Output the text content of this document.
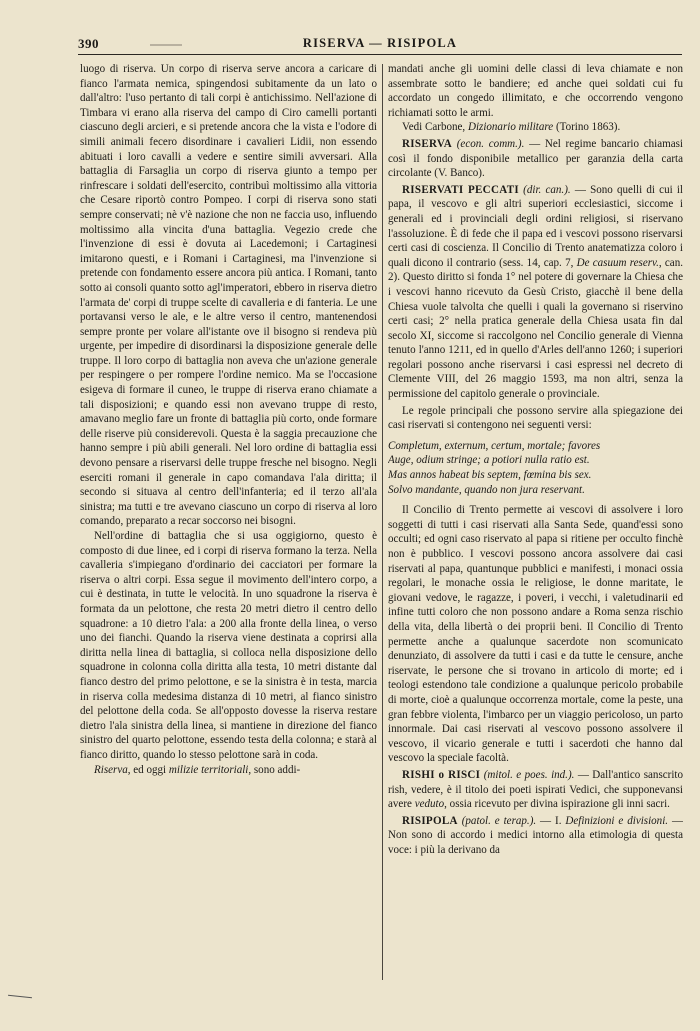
390	RISERVA — RISIPOLA

luogo di riserva. Un corpo di riserva serve ancora a caricare di fianco l'armata nemica, spingendosi subitamente da un lato o dall'altro: l'uso pertanto di tali corpi è antichissimo. Nell'azione di Timbara vi erano alla riserva del campo di Ciro camelli portanti ciascuno degli arcieri, e si pretende ancora che la vista e l'odore di simili animali fecero disordinare i cavalieri Lidii, non essendo abituati i loro cavalli a vedere e sentire simili avversari. Alla battaglia di Farsaglia un corpo di riserva giunto a tempo per rinfrescare i soldati dell'esercito, contribuì moltissimo alla vittoria che Cesare riportò contro Pompeo. I corpi di riserva sono stati sempre conservati; nè v'è nazione che non ne faccia uso, influendo moltissimo alla vincita d'una battaglia. Vegezio crede che l'invenzione di essi è dovuta ai Lacedemoni; i Cartaginesi imitarono questi, e i Romani i Cartaginesi, ma l'invenzione si pretende con fondamento essere ancora più antica. I Romani, tanto sotto ai consoli quanto sotto agl'imperatori, ebbero in riserva dietro l'armata de' corpi di truppe scelte di cavalleria e di fanteria. Le une portavansi verso le ale, e le altre verso il centro, mantenendosi sempre pronte per volare all'istante ove il bisogno si rendeva più urgente, per impedire di disordinarsi la disposizione generale delle truppe. Il loro corpo di battaglia non aveva che un'azione generale per respingere o per rompere l'ordine nemico. Ma se l'occasione esigeva di formare il cuneo, le truppe di riserva erano chiamate a tali disposizioni; e quando essi non avevano truppe di resto, amavano meglio fare un fronte di battaglia più corto, onde formare delle riserve più considerevoli. Questa è la saggia precauzione che hanno sempre i più abili generali. Nel loro ordine di battaglia essi devono pensare a riservarsi delle truppe fresche nel bisogno. Negli eserciti romani il generale in capo comandava l'ala diritta; il secondo si situava al centro dell'infanteria; ed il terzo all'ala sinistra; ma tutti e tre avevano ciascuno un corpo di riserva al loro comando, preparato a recar soccorso nei bisogni.

Nell'ordine di battaglia che si usa oggigiorno, questo è composto di due linee, ed i corpi di riserva formano la terza. Nella cavalleria s'impiegano d'ordinario dei cacciatori per formare la riserva o altri corpi. Essa segue il movimento dell'intero corpo, a cui è destinata, in tutte le velocità. In uno squadrone la riserva è formata da un pelottone, che resta 20 metri dietro il centro dello squadrone: a 10 dietro l'ala: a 200 alla fronte della linea, o verso uno dei fianchi. Quando la riserva viene destinata a coprirsi alla diritta nella linea di battaglia, si colloca nella disposizione dello squadrone in colonna colla diritta alla testa, 10 metri distante dal fianco destro del primo pelottone, e se la sinistra è in testa, marcia in riserva colla medesima distanza di 10 metri, al fianco sinistro del pelottone della coda. Se all'opposto dovesse la riserva restare dietro l'ala sinistra della linea, si mantiene in direzione del fianco sinistro del quarto pelottone, essendo testa della colonna; e starà al fianco diritto, quando lo stesso pelottone sarà in coda.

Riserva, ed oggi milizie territoriali, sono addi-

mandati anche gli uomini delle classi di leva chiamate e non assembrate sotto le bandiere; ed anche quei soldati cui fu accordato un congedo illimitato, e che occorrendo vengono richiamati sotto le armi.

Vedi Carbone, Dizionario militare (Torino 1863).

RISERVA (econ. comm.). — Nel regime bancario chiamasi così il fondo disponibile metallico per garanzia della carta circolante (V. Banco).

RISERVATI PECCATI (dir. can.). — Sono quelli di cui il papa, il vescovo e gli altri superiori ecclesiastici, siccome i generali ed i provinciali degli ordini religiosi, si riservano l'assoluzione. È di fede che il papa ed i vescovi possono riservarsi certi casi di coscienza. Il Concilio di Trento anatematizza coloro i quali dicono il contrario (sess. 14, cap. 7, De casuum reserv., can. 2). Questo diritto si fonda 1° nel potere di governare la Chiesa che i vescovi hanno ricevuto da Gesù Cristo, giacchè il bene della Chiesa vuole talvolta che quelli i quali la governano si riservino certi casi; 2° nella pratica generale della Chiesa usata fin dal secolo XI, siccome si raccolgono nel Concilio generale di Vienna tenuto l'anno 1211, ed in quello d'Arles dell'anno 1260; i superiori regolari possono anche riservarsi i casi espressi nel decreto di Clemente VIII, del 26 maggio 1593, ma non altri, senza la permissione del capitolo generale o provinciale.

Le regole principali che possono servire alla spiegazione dei casi riservati si contengono nei seguenti versi:

Completum, externum, certum, mortale; favores
Auge, odium stringe; a potiori nulla ratio est.
Mas annos habeat bis septem, fœmina bis sex.
Solvo mandante, quando non jura reservant.

Il Concilio di Trento permette ai vescovi di assolvere i loro soggetti di tutti i casi riservati alla Santa Sede, quand'essi sono occulti; ed ogni caso riservato al papa si ritiene per occulto finchè non è pubblico. I vescovi possono ancora assolvere dai casi riservati al papa, quantunque pubblici e manifesti, i monaci ossia regolari, le monache ossia le religiose, le donne maritate, le giovani vedove, le ragazze, i poveri, i vecchi, i valetudinarii ed infine tutti coloro che non possono andare a Roma senza rischio della vita, della libertà o dei proprii beni. Il Concilio di Trento permette anche a qualunque sacerdote non scomunicato denunziato, di assolvere da tutti i casi e da tutte le censure, anche riservate, le persone che si trovano in articolo di morte; ed i teologi estendono tale condizione a qualunque pericolo probabile di morte, cioè a qualunque occorrenza mortale, come la peste, una gran febbre violenta, l'imbarco per un viaggio pericoloso, un parto innormale. Dai casi riservati al vescovo possono assolvere il vescovo, il vicario generale e tutti i sacerdoti che hanno dal vescovo la speciale facoltà.

RISHI o RISCI (mitol. e poes. ind.). — Dall'antico sanscrito rish, vedere, è il titolo dei poeti ispirati Vedici, che supponevansi avere veduto, ossia ricevuto per divina ispirazione gli inni sacri.

RISIPOLA (patol. e terap.). — I. Definizioni e divisioni. — Non sono di accordo i medici intorno alla etimologia di questa voce: i più la derivano da
